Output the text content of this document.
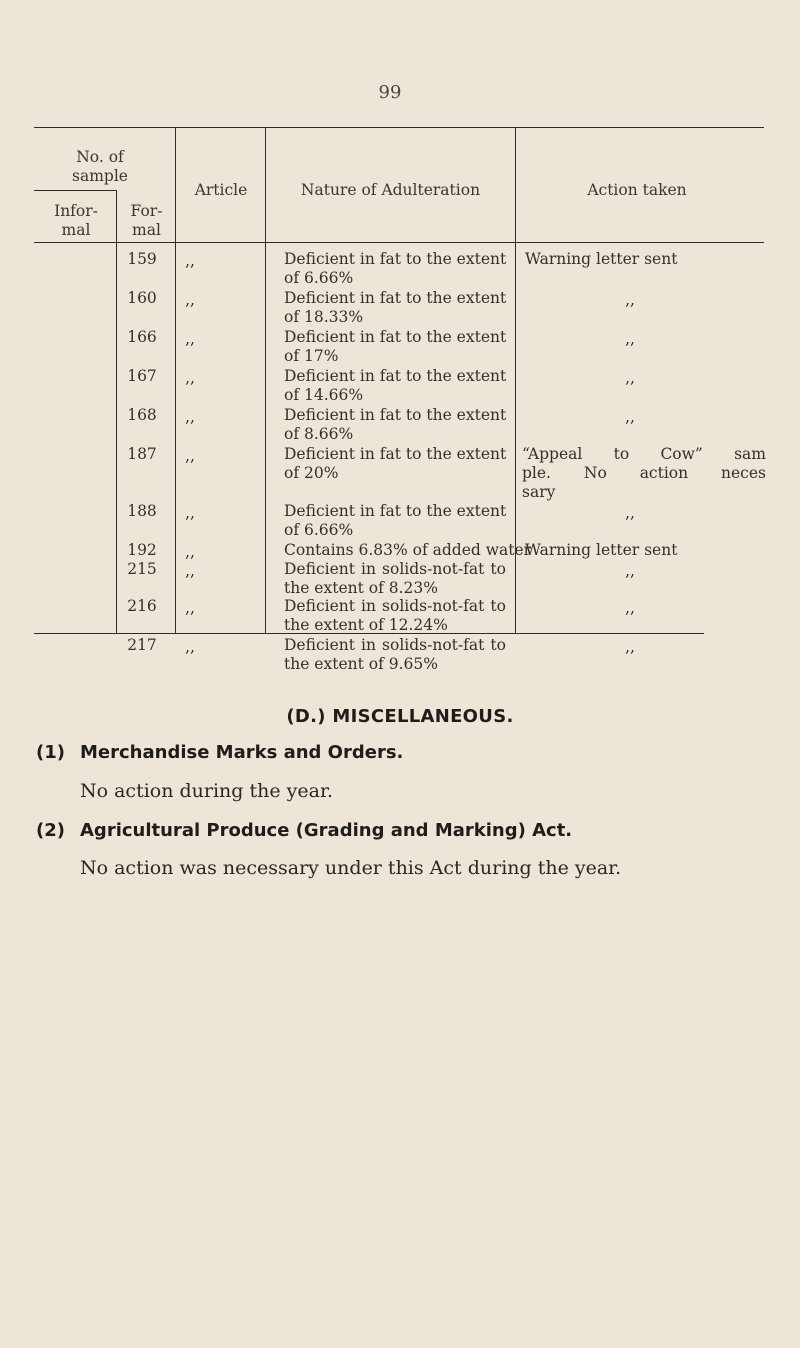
99
No. of
sample
Infor-
mal
For-
mal
Article	Nature of Adulteration	Action taken
159	,,	Deficient in fat to the extent
of 6.66%
Warning letter sent
160	,,	Deficient in fat to the extent
of 18.33%
,,
166	,,	Deficient in fat to the extent
of 17%
,,
167	,,	Deficient in fat to the extent
of 14.66%
,,
168	,,	Deficient in fat to the extent
of 8.66%
,,
187	,,	Deficient in fat to the extent
of 20%
“Appeal to Cow” sam
ple. No action neces
sary
188	,,	Deficient in fat to the extent
of 6.66%
,,
192	,,	Contains 6.83% of added water
Warning letter sent
215	,,	Deficient in solids-not-fat to
the extent of 8.23%
,,
216	,,	Deficient in solids-not-fat to
the extent of 12.24%
,,
217	,,	Deficient in solids-not-fat to
the extent of 9.65%
,,
(D.) MISCELLANEOUS.
(1) Merchandise Marks and Orders.
No action during the year.
(2) Agricultural Produce (Grading and Marking) Act.
No action was necessary under this Act during the year.
